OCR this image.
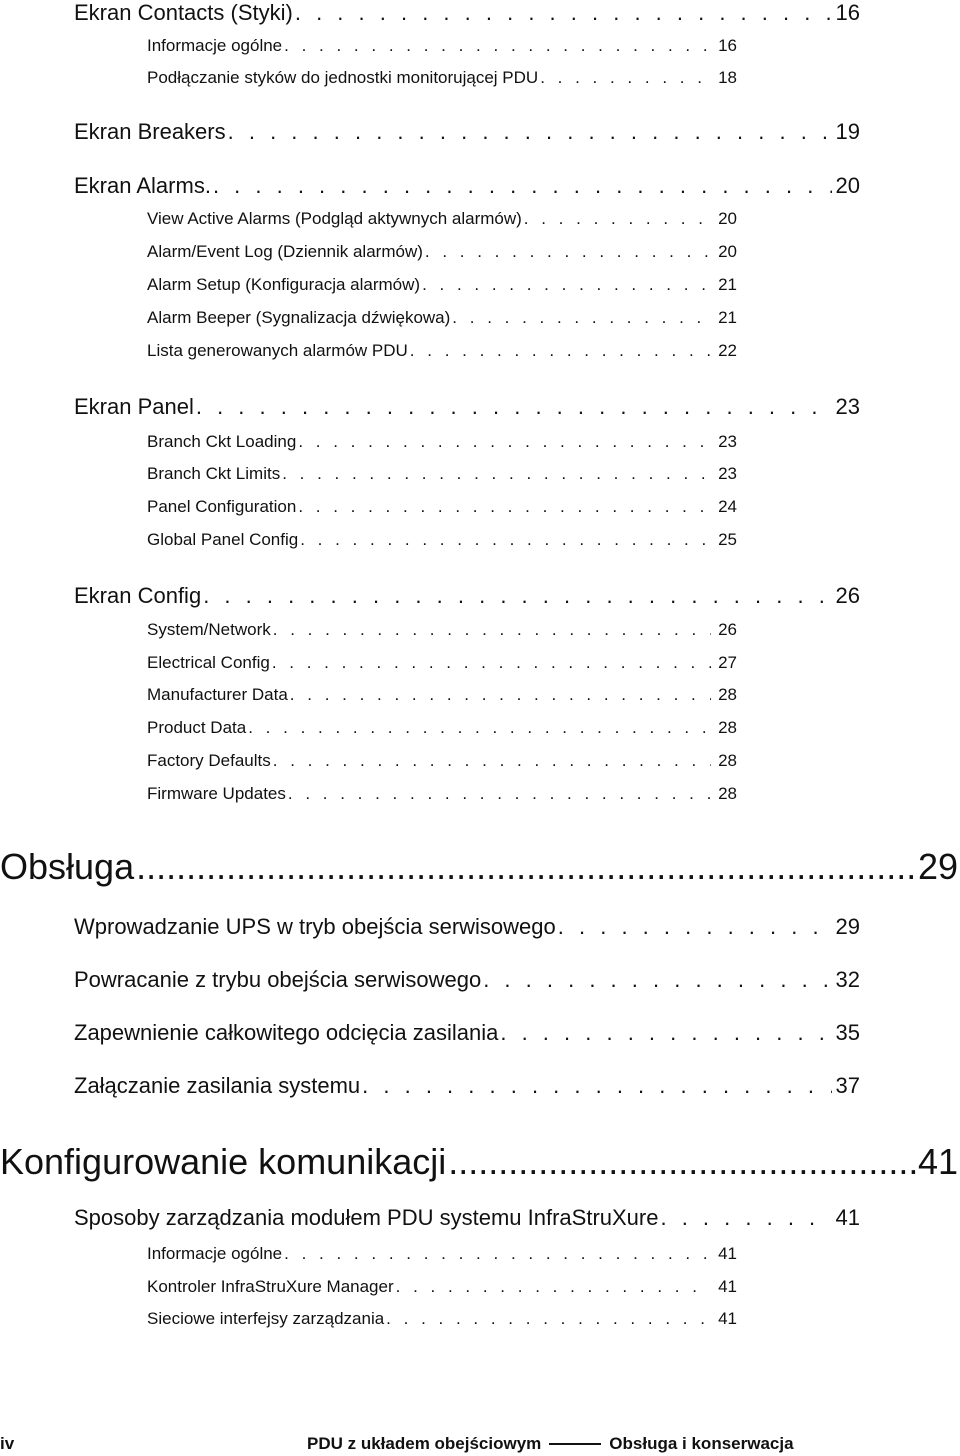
Ekran Contacts (Styki) . . .	16
Informacje ogólne . . .	16
Podłączanie styków do jednostki monitorującej PDU . . .	18
Ekran Breakers . . .	19
Ekran Alarms. . . .	20
View Active Alarms (Podgląd aktywnych alarmów) . . .	20
Alarm/Event Log (Dziennik alarmów) . . .	20
Alarm Setup (Konfiguracja alarmów) . . .	21
Alarm Beeper (Sygnalizacja dźwiękowa) . . .	21
Lista generowanych alarmów PDU . . .	22
Ekran Panel . . .	23
Branch Ckt Loading . . .	23
Branch Ckt Limits . . .	23
Panel Configuration . . .	24
Global Panel Config . . .	25
Ekran Config . . .	26
System/Network . . .	26
Electrical Config . . .	27
Manufacturer Data . . .	28
Product Data . . .	28
Factory Defaults . . .	28
Firmware Updates . . .	28
Obsługa .....	29
Wprowadzanie UPS w tryb obejścia serwisowego . . .	29
Powracanie z trybu obejścia serwisowego . . .	32
Zapewnienie całkowitego odcięcia zasilania . . .	35
Załączanie zasilania systemu . . .	37
Konfigurowanie komunikacji .....	41
Sposoby zarządzania modułem PDU systemu InfraStruXure . . .	41
Informacje ogólne . . .	41
Kontroler InfraStruXure Manager . . .	41
Sieciowe interfejsy zarządzania . . .	41
iv	PDU z układem obejściowym	Obsługa i konserwacja
